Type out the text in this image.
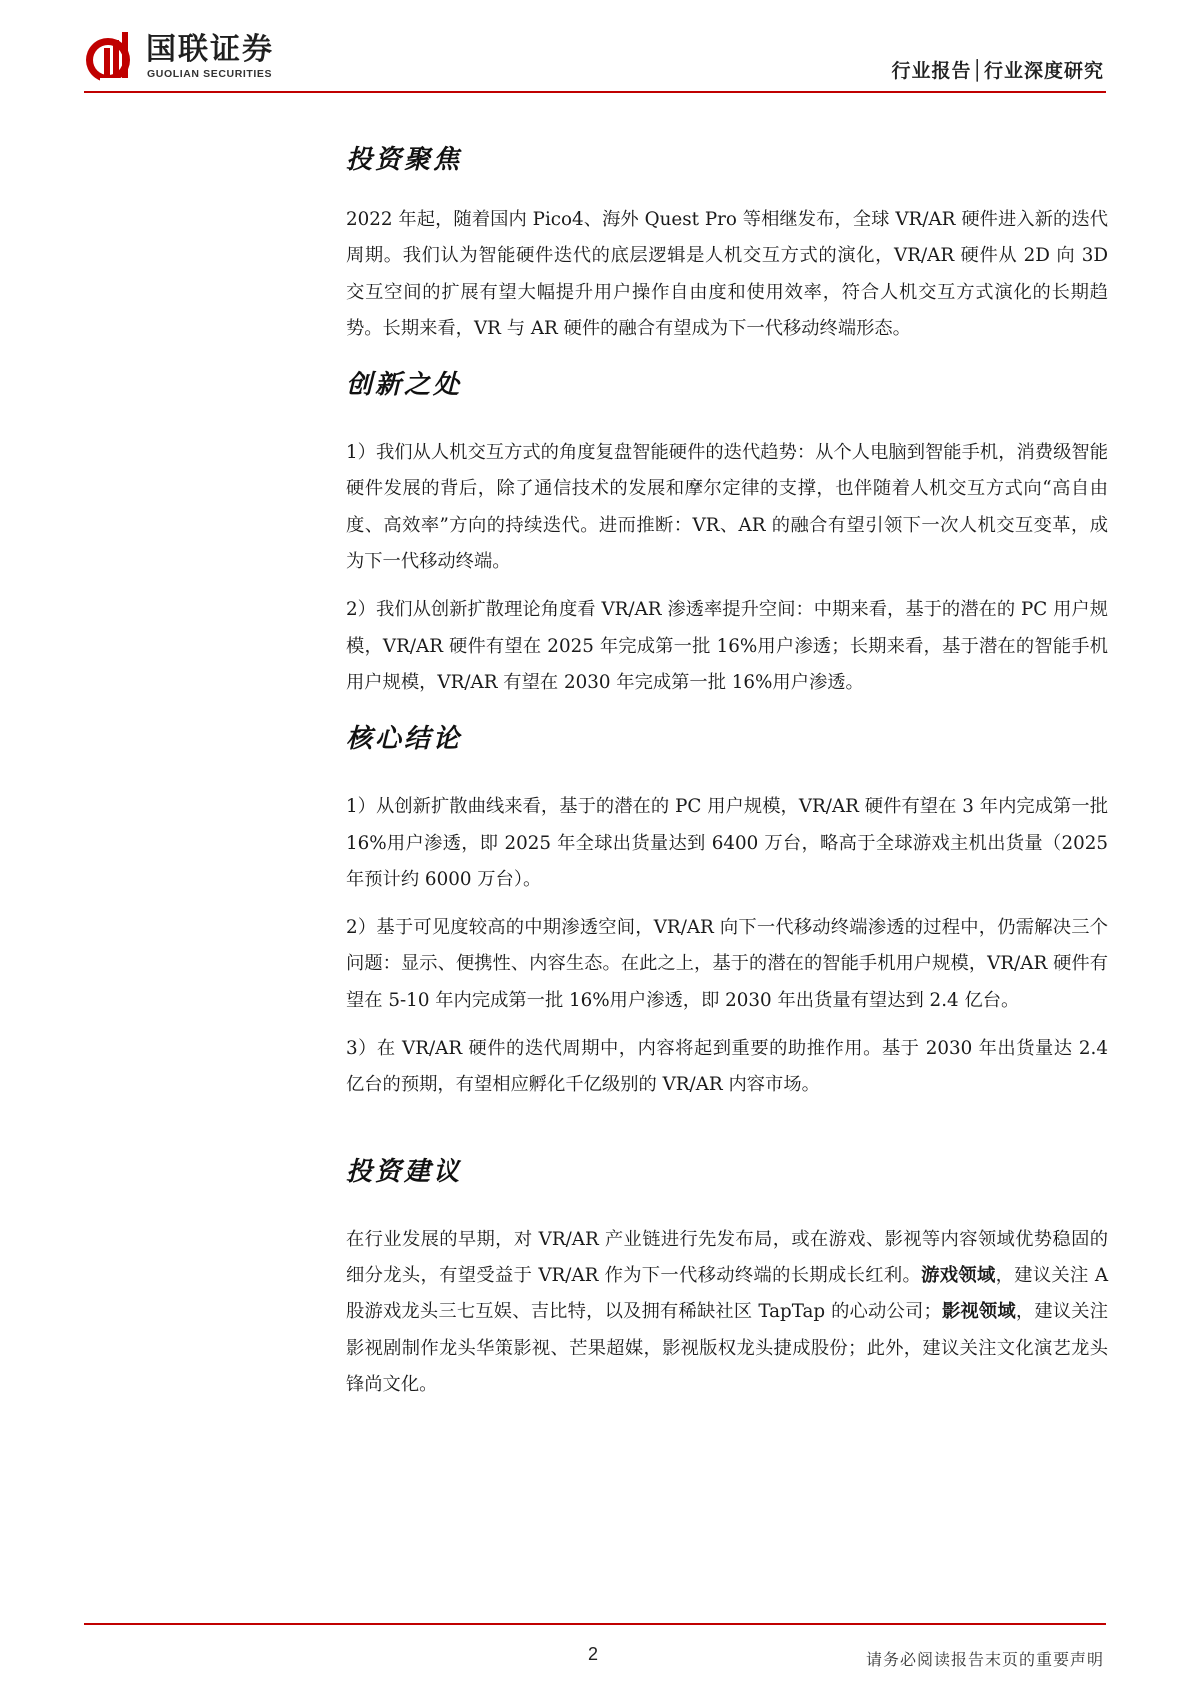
国联证券
GUOLIAN SECURITIES	行业报告│行业深度研究
投资聚焦

2022 年起，随着国内 Pico4、海外 Quest Pro 等相继发布，全球 VR/AR 硬件进入新的迭代周期。我们认为智能硬件迭代的底层逻辑是人机交互方式的演化，VR/AR 硬件从 2D 向 3D 交互空间的扩展有望大幅提升用户操作自由度和使用效率，符合人机交互方式演化的长期趋势。长期来看，VR 与 AR 硬件的融合有望成为下一代移动终端形态。

创新之处

1）我们从人机交互方式的角度复盘智能硬件的迭代趋势：从个人电脑到智能手机，消费级智能硬件发展的背后，除了通信技术的发展和摩尔定律的支撑，也伴随着人机交互方式向“高自由度、高效率”方向的持续迭代。进而推断：VR、AR 的融合有望引领下一次人机交互变革，成为下一代移动终端。

2）我们从创新扩散理论角度看 VR/AR 渗透率提升空间：中期来看，基于的潜在的 PC 用户规模，VR/AR 硬件有望在 2025 年完成第一批 16%用户渗透；长期来看，基于潜在的智能手机用户规模，VR/AR 有望在 2030 年完成第一批 16%用户渗透。

核心结论

1）从创新扩散曲线来看，基于的潜在的 PC 用户规模，VR/AR 硬件有望在 3 年内完成第一批 16%用户渗透，即 2025 年全球出货量达到 6400 万台，略高于全球游戏主机出货量（2025 年预计约 6000 万台）。

2）基于可见度较高的中期渗透空间，VR/AR 向下一代移动终端渗透的过程中，仍需解决三个问题：显示、便携性、内容生态。在此之上，基于的潜在的智能手机用户规模，VR/AR 硬件有望在 5-10 年内完成第一批 16%用户渗透，即 2030 年出货量有望达到 2.4 亿台。

3）在 VR/AR 硬件的迭代周期中，内容将起到重要的助推作用。基于 2030 年出货量达 2.4 亿台的预期，有望相应孵化千亿级别的 VR/AR 内容市场。

投资建议

在行业发展的早期，对 VR/AR 产业链进行先发布局，或在游戏、影视等内容领域优势稳固的细分龙头，有望受益于 VR/AR 作为下一代移动终端的长期成长红利。游戏领域，建议关注 A 股游戏龙头三七互娱、吉比特，以及拥有稀缺社区 TapTap 的心动公司；影视领域，建议关注影视剧制作龙头华策影视、芒果超媒，影视版权龙头捷成股份；此外，建议关注文化演艺龙头锋尚文化。

2	请务必阅读报告末页的重要声明
